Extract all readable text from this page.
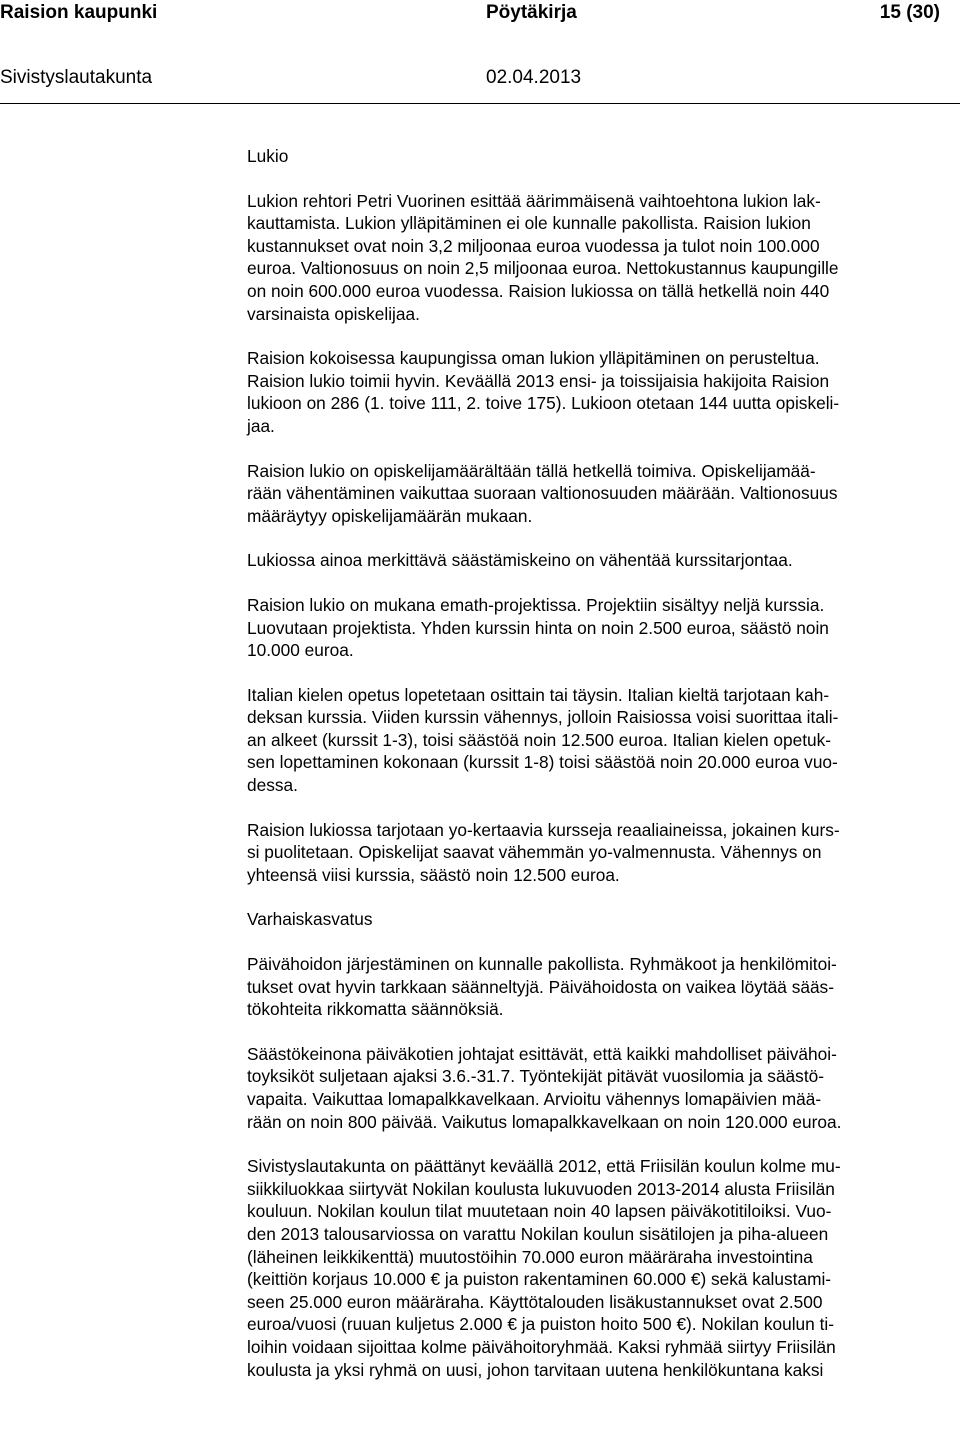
Raision kaupunki	Pöytäkirja	15 (30)
Sivistyslautakunta	02.04.2013
Lukio

Lukion rehtori Petri Vuorinen esittää äärimmäisenä vaihtoehtona lukion lak-
kauttamista. Lukion ylläpitäminen ei ole kunnalle pakollista. Raision lukion
kustannukset ovat noin 3,2 miljoonaa euroa vuodessa ja tulot noin 100.000
euroa. Valtionosuus on noin 2,5 miljoonaa euroa. Nettokustannus kaupungille
on noin 600.000 euroa vuodessa. Raision lukiossa on tällä hetkellä noin 440
varsinaista opiskelijaa.

Raision kokoisessa kaupungissa oman lukion ylläpitäminen on perusteltua.
Raision lukio toimii hyvin. Keväällä 2013 ensi- ja toissijaisia hakijoita Raision
lukioon on 286 (1. toive 111, 2. toive 175). Lukioon otetaan 144 uutta opiskeli-
jaa.

Raision lukio on opiskelijamäärältään tällä hetkellä toimiva. Opiskelijamää-
rään vähentäminen vaikuttaa suoraan valtionosuuden määrään. Valtionosuus
määräytyy opiskelijamäärän mukaan.

Lukiossa ainoa merkittävä säästämiskeino on vähentää kurssitarjontaa.

Raision lukio on mukana emath-projektissa. Projektiin sisältyy neljä kurssia.
Luovutaan projektista. Yhden kurssin hinta on noin 2.500 euroa, säästö noin
10.000 euroa.

Italian kielen opetus lopetetaan osittain tai täysin. Italian kieltä tarjotaan kah-
deksan kurssia. Viiden kurssin vähennys, jolloin Raisiossa voisi suorittaa itali-
an alkeet (kurssit 1-3), toisi säästöä noin 12.500 euroa. Italian kielen opetuk-
sen lopettaminen kokonaan (kurssit 1-8) toisi säästöä noin 20.000 euroa vuo-
dessa.

Raision lukiossa tarjotaan yo-kertaavia kursseja reaaliaineissa, jokainen kurs-
si puolitetaan. Opiskelijat saavat vähemmän yo-valmennusta. Vähennys on
yhteensä viisi kurssia, säästö noin 12.500 euroa.

Varhaiskasvatus

Päivähoidon järjestäminen on kunnalle pakollista. Ryhmäkoot ja henkilömitoi-
tukset ovat hyvin tarkkaan säänneltyjä. Päivähoidosta on vaikea löytää sääs-
tökohteita rikkomatta säännöksiä.

Säästökeinona päiväkotien johtajat esittävät, että kaikki mahdolliset päivähoi-
toyksiköt suljetaan ajaksi 3.6.-31.7. Työntekijät pitävät vuosilomia ja säästö-
vapaita. Vaikuttaa lomapalkkavelkaan. Arvioitu vähennys lomapäivien mää-
rään on noin 800 päivää. Vaikutus lomapalkkavelkaan on noin 120.000 euroa.

Sivistyslautakunta on päättänyt keväällä 2012, että Friisilän koulun kolme mu-
siikkiluokkaa siirtyvät Nokilan koulusta lukuvuoden 2013-2014 alusta Friisilän
kouluun. Nokilan koulun tilat muutetaan noin 40 lapsen päiväkotitiloiksi. Vuo-
den 2013 talousarviossa on varattu Nokilan koulun sisätilojen ja piha-alueen
(läheinen leikkikenttä) muutostöihin 70.000 euron määräraha investointina
(keittiön korjaus 10.000 € ja puiston rakentaminen 60.000 €) sekä kalustami-
seen 25.000 euron määräraha. Käyttötalouden lisäkustannukset ovat 2.500
euroa/vuosi (ruuan kuljetus 2.000 € ja puiston hoito 500 €). Nokilan koulun ti-
loihin voidaan sijoittaa kolme päivähoitoryhmää. Kaksi ryhmää siirtyy Friisilän
koulusta ja yksi ryhmä on uusi, johon tarvitaan uutena henkilökuntana kaksi
